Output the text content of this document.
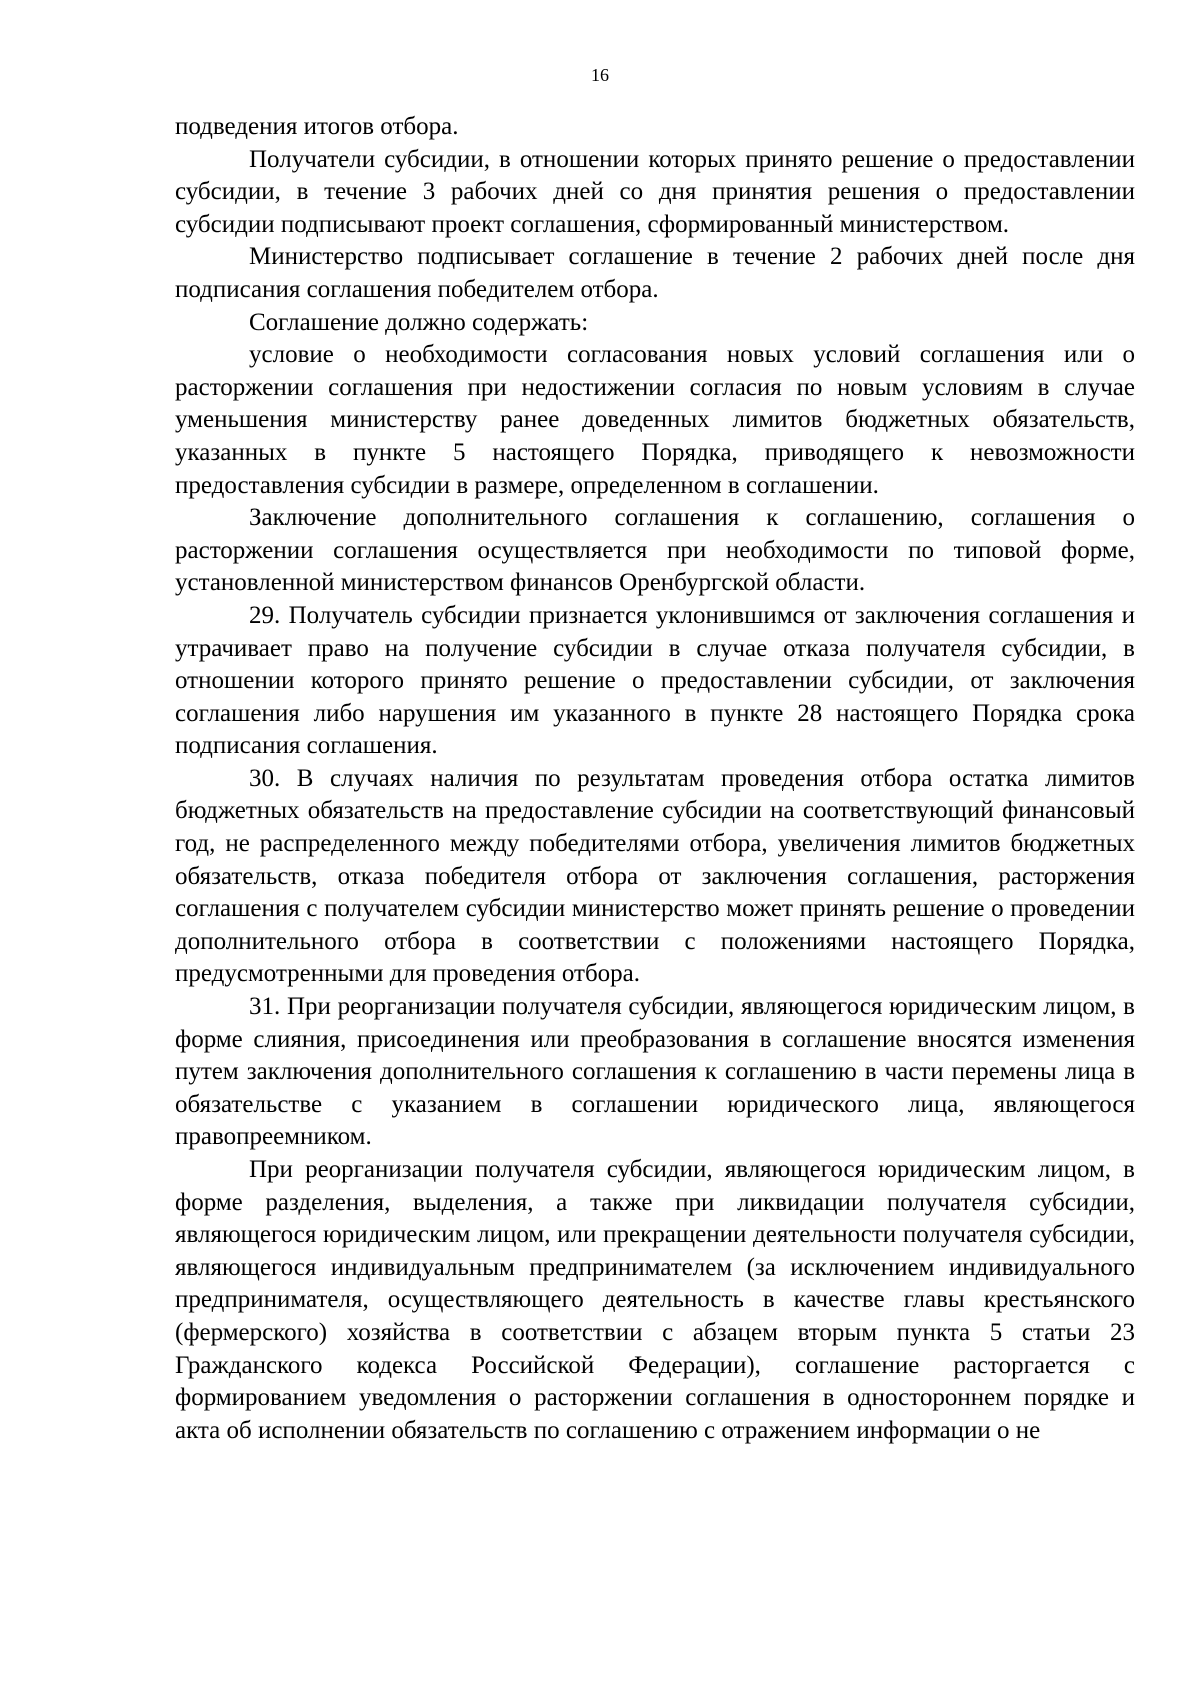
16

подведения итогов отбора.

Получатели субсидии, в отношении которых принято решение о предоставлении субсидии, в течение 3 рабочих дней со дня принятия решения о предоставлении субсидии подписывают проект соглашения, сформированный министерством.

Министерство подписывает соглашение в течение 2 рабочих дней после дня подписания соглашения победителем отбора.

Соглашение должно содержать:

условие о необходимости согласования новых условий соглашения или о расторжении соглашения при недостижении согласия по новым условиям в случае уменьшения министерству ранее доведенных лимитов бюджетных обязательств, указанных в пункте 5 настоящего Порядка, приводящего к невозможности предоставления субсидии в размере, определенном в соглашении.

Заключение дополнительного соглашения к соглашению, соглашения о расторжении соглашения осуществляется при необходимости по типовой форме, установленной министерством финансов Оренбургской области.

29. Получатель субсидии признается уклонившимся от заключения соглашения и утрачивает право на получение субсидии в случае отказа получателя субсидии, в отношении которого принято решение о предоставлении субсидии, от заключения соглашения либо нарушения им указанного в пункте 28 настоящего Порядка срока подписания соглашения.

30. В случаях наличия по результатам проведения отбора остатка лимитов бюджетных обязательств на предоставление субсидии на соответствующий финансовый год, не распределенного между победителями отбора, увеличения лимитов бюджетных обязательств, отказа победителя отбора от заключения соглашения, расторжения соглашения с получателем субсидии министерство может принять решение о проведении дополнительного отбора в соответствии с положениями настоящего Порядка, предусмотренными для проведения отбора.

31. При реорганизации получателя субсидии, являющегося юридическим лицом, в форме слияния, присоединения или преобразования в соглашение вносятся изменения путем заключения дополнительного соглашения к соглашению в части перемены лица в обязательстве с указанием в соглашении юридического лица, являющегося правопреемником.

При реорганизации получателя субсидии, являющегося юридическим лицом, в форме разделения, выделения, а также при ликвидации получателя субсидии, являющегося юридическим лицом, или прекращении деятельности получателя субсидии, являющегося индивидуальным предпринимателем (за исключением индивидуального предпринимателя, осуществляющего деятельность в качестве главы крестьянского (фермерского) хозяйства в соответствии с абзацем вторым пункта 5 статьи 23 Гражданского кодекса Российской Федерации), соглашение расторгается с формированием уведомления о расторжении соглашения в одностороннем порядке и акта об исполнении обязательств по соглашению с отражением информации о не
